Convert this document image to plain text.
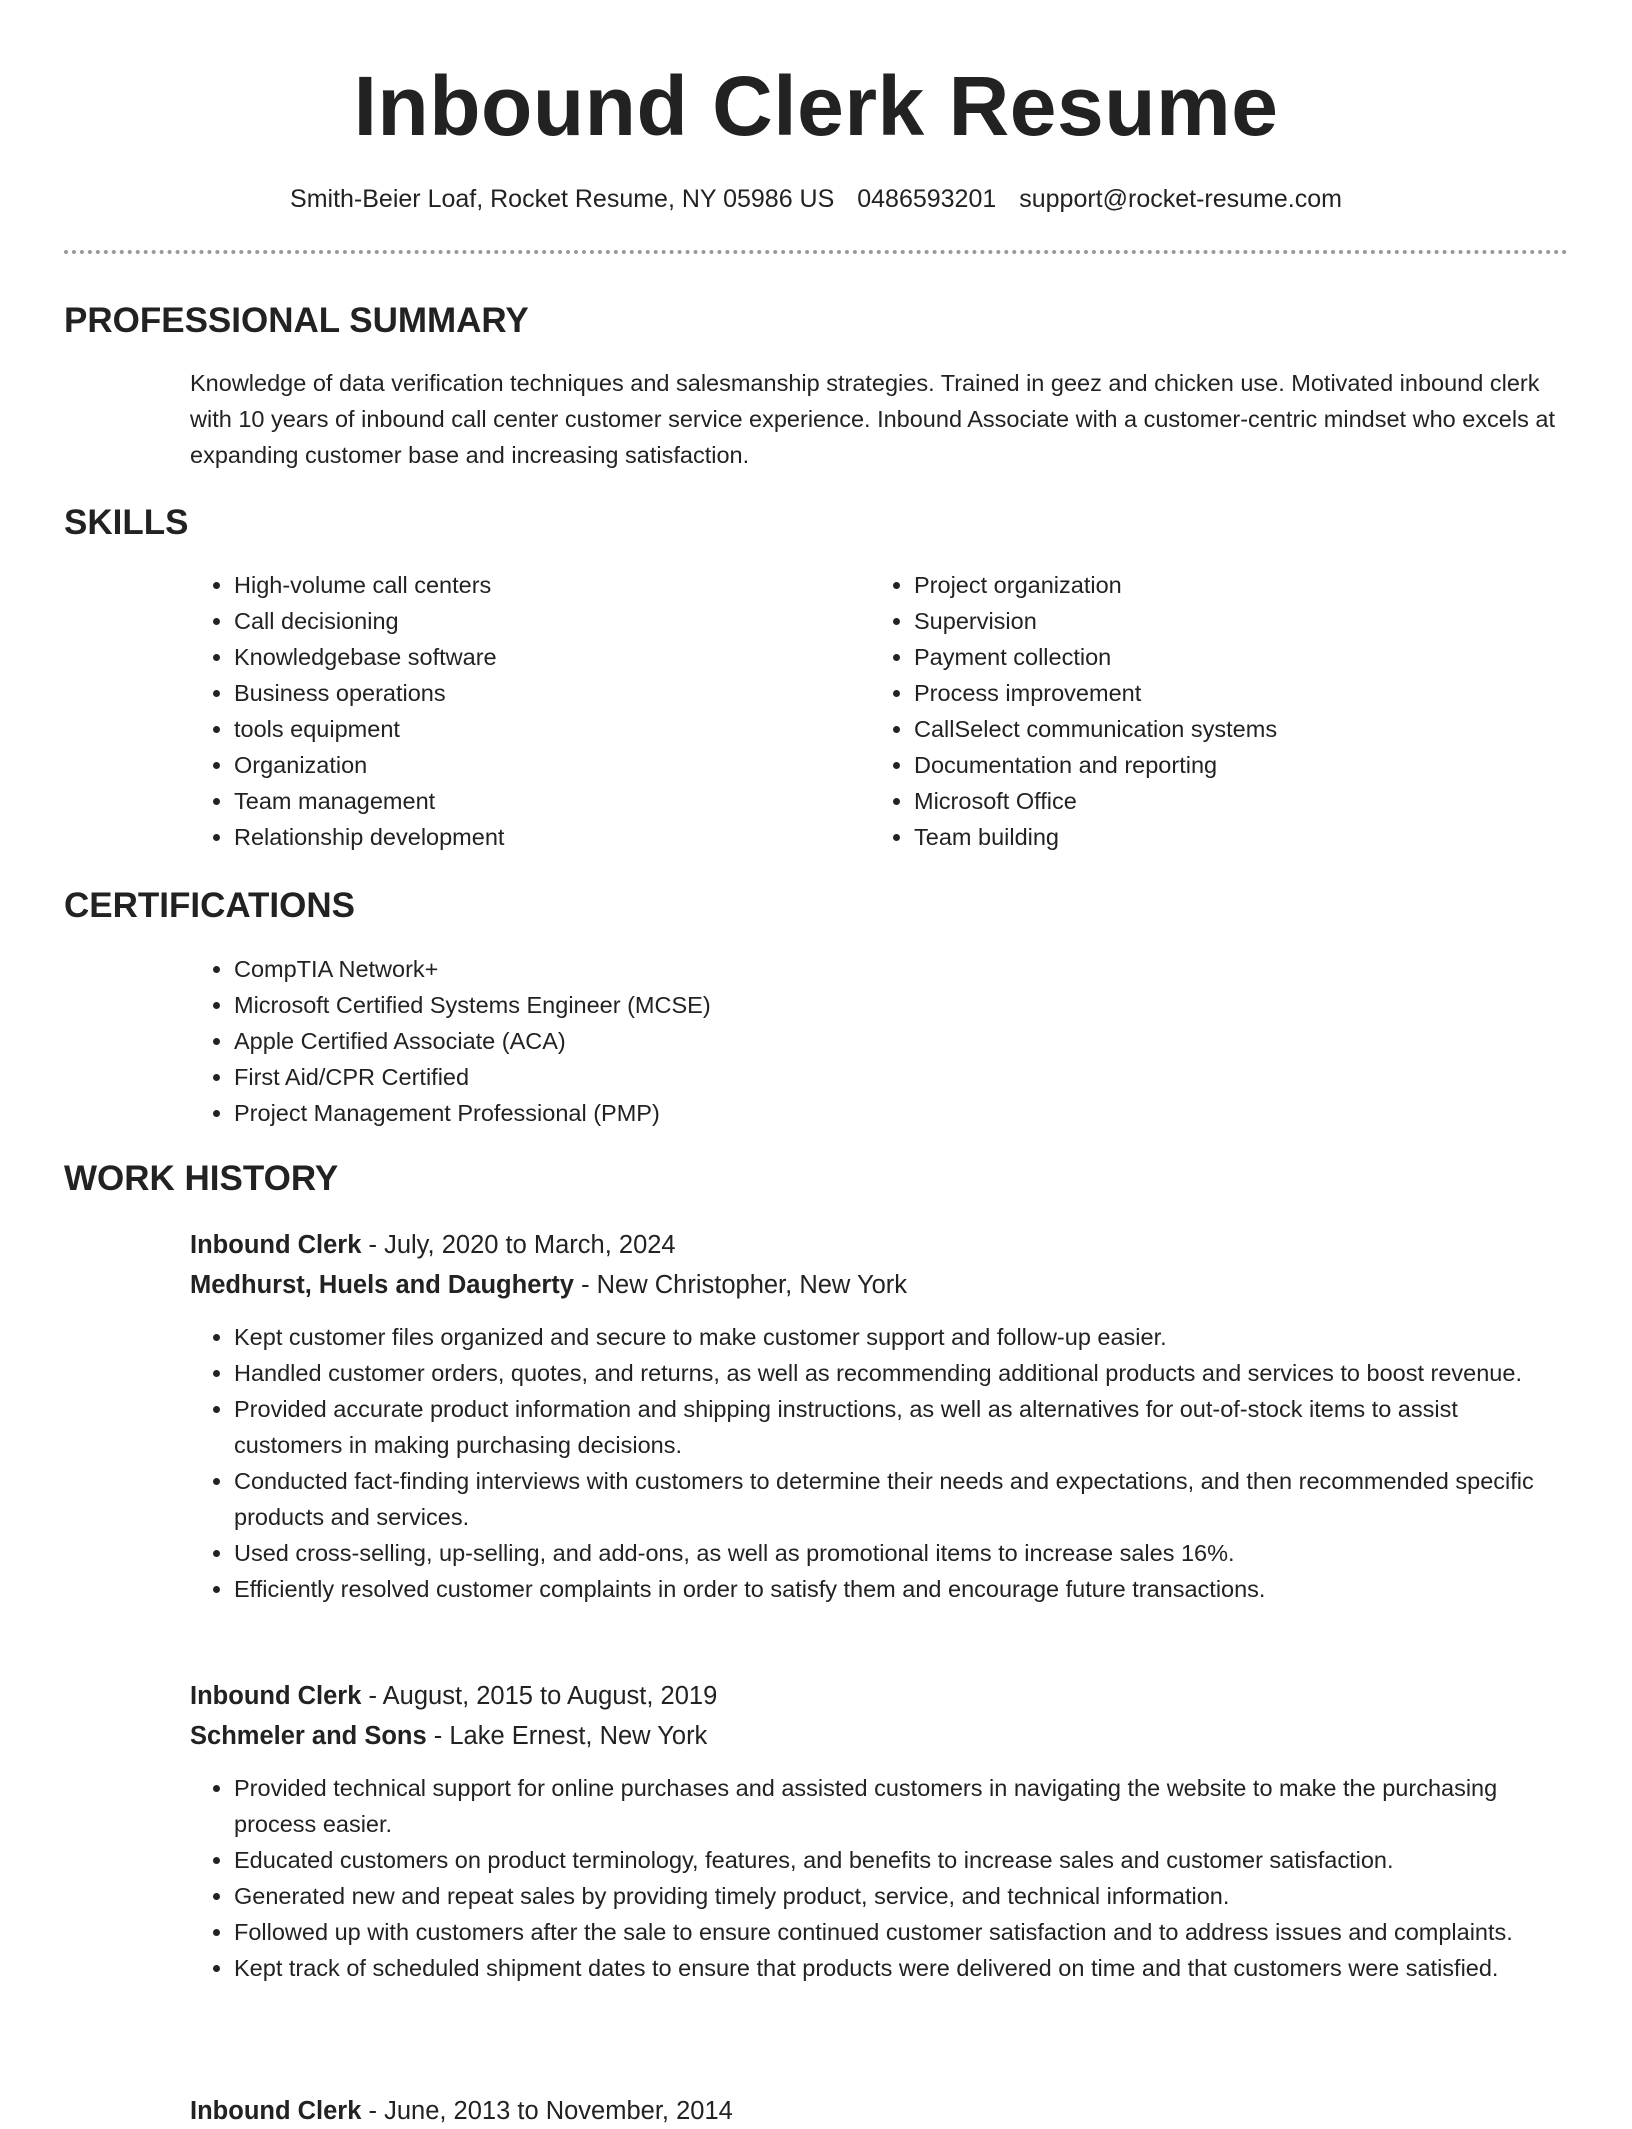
Inbound Clerk Resume
Smith-Beier Loaf, Rocket Resume, NY 05986 US 0486593201 support@rocket-resume.com
PROFESSIONAL SUMMARY

Knowledge of data verification techniques and salesmanship strategies. Trained in geez and chicken use. Motivated inbound clerk with 10 years of inbound call center customer service experience. Inbound Associate with a customer-centric mindset who excels at expanding customer base and increasing satisfaction.

SKILLS
• High-volume call centers
• Call decisioning
• Knowledgebase software
• Business operations
• tools equipment
• Organization
• Team management
• Relationship development
• Project organization
• Supervision
• Payment collection
• Process improvement
• CallSelect communication systems
• Documentation and reporting
• Microsoft Office
• Team building
CERTIFICATIONS
• CompTIA Network+
• Microsoft Certified Systems Engineer (MCSE)
• Apple Certified Associate (ACA)
• First Aid/CPR Certified
• Project Management Professional (PMP)
WORK HISTORY
Inbound Clerk - July, 2020 to March, 2024
Medhurst, Huels and Daugherty - New Christopher, New York
• Kept customer files organized and secure to make customer support and follow-up easier.
• Handled customer orders, quotes, and returns, as well as recommending additional products and services to boost revenue.
• Provided accurate product information and shipping instructions, as well as alternatives for out-of-stock items to assist customers in making purchasing decisions.
• Conducted fact-finding interviews with customers to determine their needs and expectations, and then recommended specific products and services.
• Used cross-selling, up-selling, and add-ons, as well as promotional items to increase sales 16%.
• Efficiently resolved customer complaints in order to satisfy them and encourage future transactions.
Inbound Clerk - August, 2015 to August, 2019
Schmeler and Sons - Lake Ernest, New York
• Provided technical support for online purchases and assisted customers in navigating the website to make the purchasing process easier.
• Educated customers on product terminology, features, and benefits to increase sales and customer satisfaction.
• Generated new and repeat sales by providing timely product, service, and technical information.
• Followed up with customers after the sale to ensure continued customer satisfaction and to address issues and complaints.
• Kept track of scheduled shipment dates to ensure that products were delivered on time and that customers were satisfied.
Inbound Clerk - June, 2013 to November, 2014
